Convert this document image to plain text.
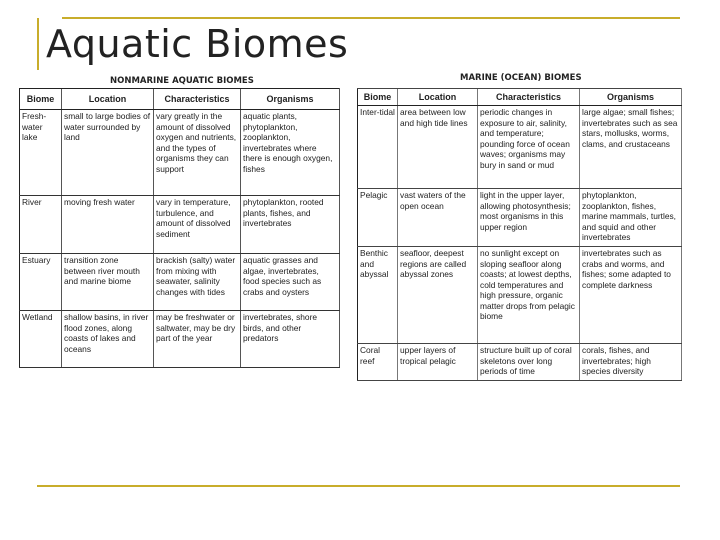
Aquatic Biomes

NONMARINE AQUATIC BIOMES

Biome	Location	Characteristics	Organisms
Fresh-water lake	small to large bodies of water surrounded by land	vary greatly in the amount of dissolved oxygen and nutrients, and the types of organisms they can support	aquatic plants, phytoplankton, zooplankton, invertebrates where there is enough oxygen, fishes
River	moving fresh water	vary in temperature, turbulence, and amount of dissolved sediment	phytoplankton, rooted plants, fishes, and invertebrates
Estuary	transition zone between river mouth and marine biome	brackish (salty) water from mixing with seawater, salinity changes with tides	aquatic grasses and algae, invertebrates, food species such as crabs and oysters
Wetland	shallow basins, in river flood zones, along coasts of lakes and oceans	may be freshwater or saltwater, may be dry part of the year	invertebrates, shore birds, and other predators

MARINE (OCEAN) BIOMES

Biome	Location	Characteristics	Organisms
Inter-tidal	area between low and high tide lines	periodic changes in exposure to air, salinity, and temperature; pounding force of ocean waves; organisms may bury in sand or mud	large algae; small fishes; invertebrates such as sea stars, mollusks, worms, clams, and crustaceans
Pelagic	vast waters of the open ocean	light in the upper layer, allowing photosynthesis; most organisms in this upper region	phytoplankton, zooplankton, fishes, marine mammals, turtles, and squid and other invertebrates
Benthic and abyssal	seafloor, deepest regions are called abyssal zones	no sunlight except on sloping seafloor along coasts; at lowest depths, cold temperatures and high pressure, organic matter drops from pelagic biome	invertebrates such as crabs and worms, and fishes; some adapted to complete darkness
Coral reef	upper layers of tropical pelagic	structure built up of coral skeletons over long periods of time	corals, fishes, and invertebrates; high species diversity
